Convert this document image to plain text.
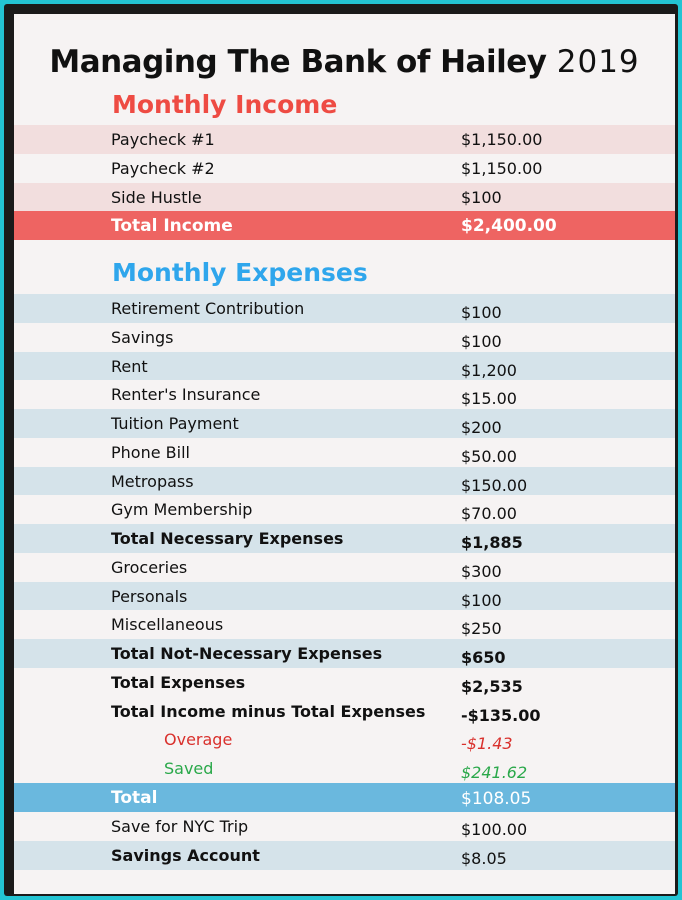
Managing The Bank of Hailey 2019
Monthly Income
Paycheck #1	$1,150.00
Paycheck #2	$1,150.00
Side Hustle	$100
Total Income	$2,400.00
Monthly Expenses
Retirement Contribution	$100
Savings	$100
Rent	$1,200
Renter's Insurance	$15.00
Tuition Payment	$200
Phone Bill	$50.00
Metropass	$150.00
Gym Membership	$70.00
Total Necessary Expenses	$1,885
Groceries	$300
Personals	$100
Miscellaneous	$250
Total Not-Necessary Expenses	$650
Total Expenses	$2,535
Total Income minus Total Expenses -$135.00
Overage	-$1.43
Saved	$241.62
Total	$108.05
Save for NYC Trip	$100.00
Savings Account	$8.05
